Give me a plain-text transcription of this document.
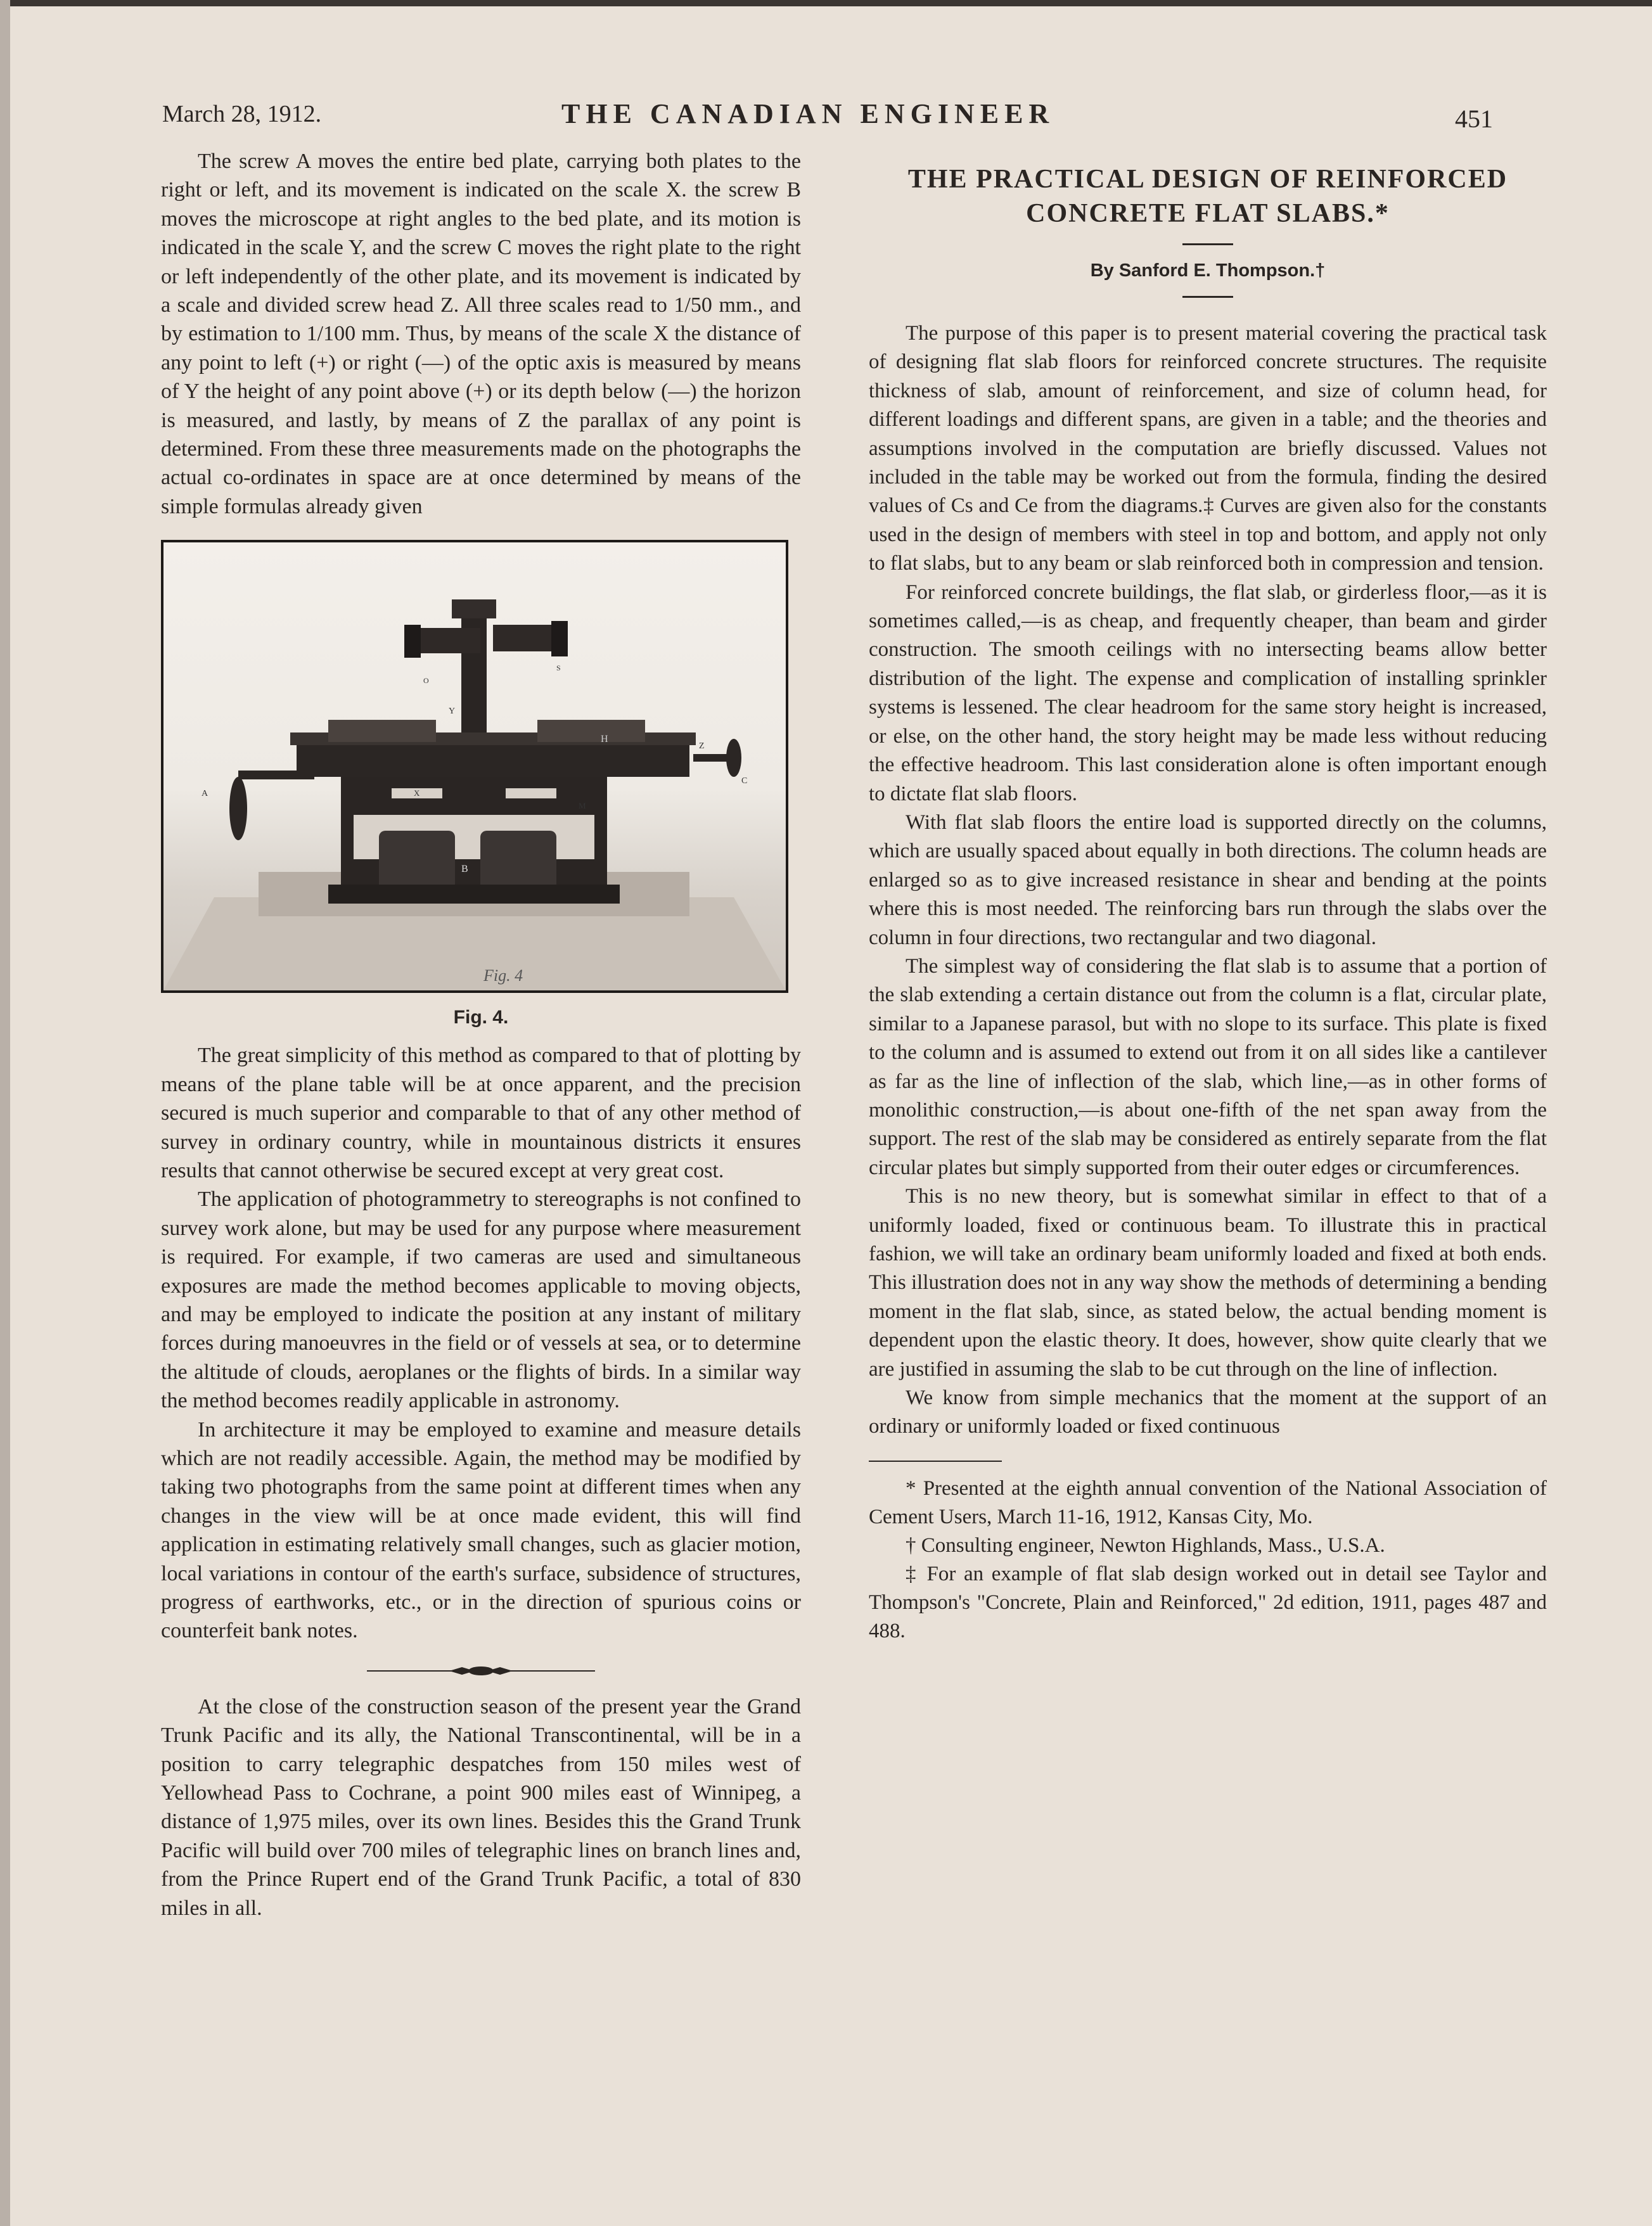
March 28, 1912.	THE CANADIAN ENGINEER	451

The screw A moves the entire bed plate, carrying both plates to the right or left, and its movement is indicated on the scale X. the screw B moves the microscope at right angles to the bed plate, and its motion is indicated in the scale Y, and the screw C moves the right plate to the right or left independently of the other plate, and its movement is indicated by a scale and divided screw head Z. All three scales read to 1/50 mm., and by estimation to 1/100 mm. Thus, by means of the scale X the distance of any point to left (+) or right (—) of the optic axis is measured by means of Y the height of any point above (+) or its depth below (—) the horizon is measured, and lastly, by means of Z the parallax of any point is determined. From these three measurements made on the photographs the actual co-ordinates in space are at once determined by means of the simple formulas already given

A
B
C
Y
Z
H
M
X
O
S
Fig. 4
Fig. 4.

The great simplicity of this method as compared to that of plotting by means of the plane table will be at once apparent, and the precision secured is much superior and comparable to that of any other method of survey in ordinary country, while in mountainous districts it ensures results that cannot otherwise be secured except at very great cost.

The application of photogrammetry to stereographs is not confined to survey work alone, but may be used for any purpose where measurement is required. For example, if two cameras are used and simultaneous exposures are made the method becomes applicable to moving objects, and may be employed to indicate the position at any instant of military forces during manoeuvres in the field or of vessels at sea, or to determine the altitude of clouds, aeroplanes or the flights of birds. In a similar way the method becomes readily applicable in astronomy.

In architecture it may be employed to examine and measure details which are not readily accessible. Again, the method may be modified by taking two photographs from the same point at different times when any changes in the view will be at once made evident, this will find application in estimating relatively small changes, such as glacier motion, local variations in contour of the earth's surface, subsidence of structures, progress of earthworks, etc., or in the direction of spurious coins or counterfeit bank notes.

At the close of the construction season of the present year the Grand Trunk Pacific and its ally, the National Transcontinental, will be in a position to carry telegraphic despatches from 150 miles west of Yellowhead Pass to Cochrane, a point 900 miles east of Winnipeg, a distance of 1,975 miles, over its own lines. Besides this the Grand Trunk Pacific will build over 700 miles of telegraphic lines on branch lines and, from the Prince Rupert end of the Grand Trunk Pacific, a total of 830 miles in all.

THE PRACTICAL DESIGN OF REINFORCED
CONCRETE FLAT SLABS.*
By Sanford E. Thompson.†

The purpose of this paper is to present material covering the practical task of designing flat slab floors for reinforced concrete structures. The requisite thickness of slab, amount of reinforcement, and size of column head, for different loadings and different spans, are given in a table; and the theories and assumptions involved in the computation are briefly discussed. Values not included in the table may be worked out from the formula, finding the desired values of Cs and Ce from the diagrams.‡ Curves are given also for the constants used in the design of members with steel in top and bottom, and apply not only to flat slabs, but to any beam or slab reinforced both in compression and tension.

For reinforced concrete buildings, the flat slab, or girderless floor,—as it is sometimes called,—is as cheap, and frequently cheaper, than beam and girder construction. The smooth ceilings with no intersecting beams allow better distribution of the light. The expense and complication of installing sprinkler systems is lessened. The clear headroom for the same story height is increased, or else, on the other hand, the story height may be made less without reducing the effective headroom. This last consideration alone is often important enough to dictate flat slab floors.

With flat slab floors the entire load is supported directly on the columns, which are usually spaced about equally in both directions. The column heads are enlarged so as to give increased resistance in shear and bending at the points where this is most needed. The reinforcing bars run through the slabs over the column in four directions, two rectangular and two diagonal.

The simplest way of considering the flat slab is to assume that a portion of the slab extending a certain distance out from the column is a flat, circular plate, similar to a Japanese parasol, but with no slope to its surface. This plate is fixed to the column and is assumed to extend out from it on all sides like a cantilever as far as the line of inflection of the slab, which line,—as in other forms of monolithic construction,—is about one-fifth of the net span away from the support. The rest of the slab may be considered as entirely separate from the flat circular plates but simply supported from their outer edges or circumferences.

This is no new theory, but is somewhat similar in effect to that of a uniformly loaded, fixed or continuous beam. To illustrate this in practical fashion, we will take an ordinary beam uniformly loaded and fixed at both ends. This illustration does not in any way show the methods of determining a bending moment in the flat slab, since, as stated below, the actual bending moment is dependent upon the elastic theory. It does, however, show quite clearly that we are justified in assuming the slab to be cut through on the line of inflection.

We know from simple mechanics that the moment at the support of an ordinary or uniformly loaded or fixed continuous

* Presented at the eighth annual convention of the National Association of Cement Users, March 11-16, 1912, Kansas City, Mo.

† Consulting engineer, Newton Highlands, Mass., U.S.A.

‡ For an example of flat slab design worked out in detail see Taylor and Thompson's "Concrete, Plain and Reinforced," 2d edition, 1911, pages 487 and 488.
